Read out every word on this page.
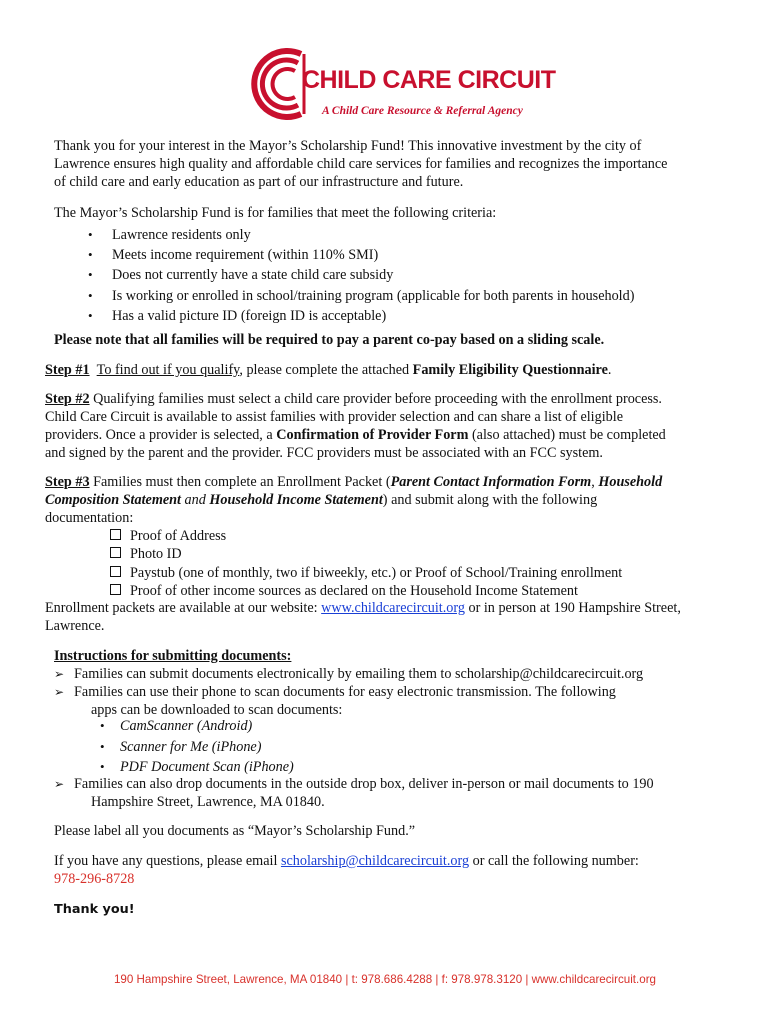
CHILD CARE CIRCUIT
A Child Care Resource & Referral Agency
Thank you for your interest in the Mayor’s Scholarship Fund! This innovative investment by the city of
Lawrence ensures high quality and affordable child care services for families and recognizes the importance
of child care and early education as part of our infrastructure and future.
The Mayor’s Scholarship Fund is for families that meet the following criteria:
• Lawrence residents only
• Meets income requirement (within 110% SMI)
• Does not currently have a state child care subsidy
• Is working or enrolled in school/training program (applicable for both parents in household)
• Has a valid picture ID (foreign ID is acceptable)
Please note that all families will be required to pay a parent co-pay based on a sliding scale.
Step #1 To find out if you qualify, please complete the attached Family Eligibility Questionnaire.
Step #2 Qualifying families must select a child care provider before proceeding with the enrollment process.
Child Care Circuit is available to assist families with provider selection and can share a list of eligible
providers. Once a provider is selected, a Confirmation of Provider Form (also attached) must be completed
and signed by the parent and the provider. FCC providers must be associated with an FCC system.
Step #3 Families must then complete an Enrollment Packet (Parent Contact Information Form, Household
Composition Statement and Household Income Statement) and submit along with the following
documentation:
Proof of Address
Photo ID
Paystub (one of monthly, two if biweekly, etc.) or Proof of School/Training enrollment
Proof of other income sources as declared on the Household Income Statement
Enrollment packets are available at our website: www.childcarecircuit.org or in person at 190 Hampshire Street,
Lawrence.
Instructions for submitting documents:
➢ Families can submit documents electronically by emailing them to scholarship@childcarecircuit.org
➢ Families can use their phone to scan documents for easy electronic transmission. The following
apps can be downloaded to scan documents:
• CamScanner (Android)
• Scanner for Me (iPhone)
• PDF Document Scan (iPhone)
➢ Families can also drop documents in the outside drop box, deliver in-person or mail documents to 190
Hampshire Street, Lawrence, MA 01840.
Please label all you documents as “Mayor’s Scholarship Fund.”
If you have any questions, please email scholarship@childcarecircuit.org or call the following number:
978-296-8728
Thank you!
190 Hampshire Street, Lawrence, MA 01840 | t: 978.686.4288 | f: 978.978.3120 | www.childcarecircuit.org
